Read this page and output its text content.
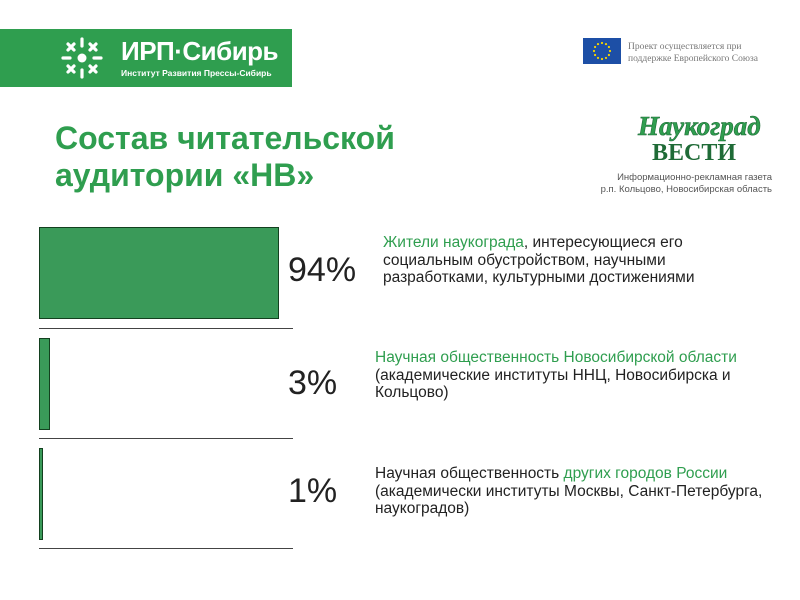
ИРП·Сибирь
Институт Развития Прессы-Сибирь
Проект осуществляется при поддержке Европейского Союза
Состав читательской
аудитории «НВ»
Наукоград
ВЕСТИ
Информационно-рекламная газета
р.п. Кольцово, Новосибирская область
94%
Жители наукограда, интересующиеся его социальным обустройством, научными разработками, культурными достижениями
3%
Научная общественность Новосибирской области (академические институты ННЦ, Новосибирска и Кольцово)
1% Научная общественность других городов России (академически институты Москвы, Санкт-Петербурга, наукоградов)
